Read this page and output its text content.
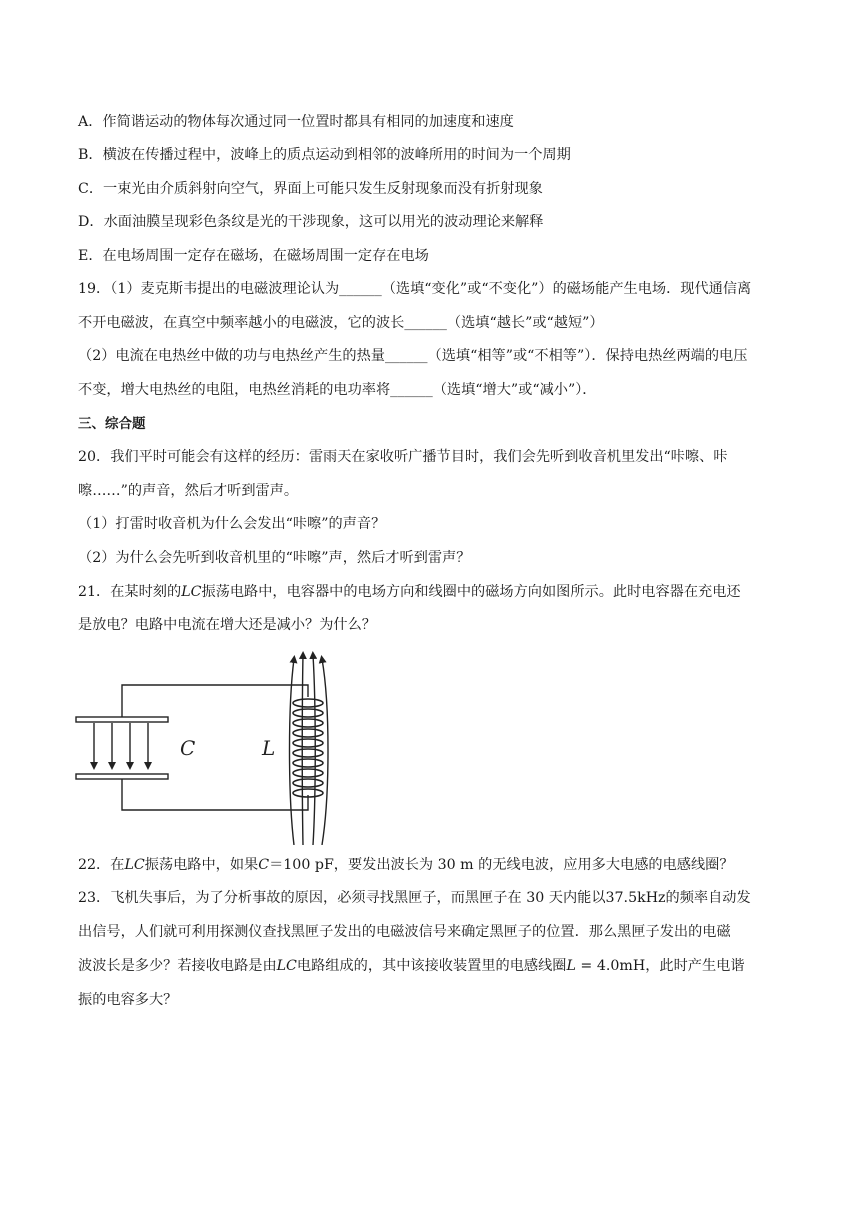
A．作简谐运动的物体每次通过同一位置时都具有相同的加速度和速度
B．横波在传播过程中，波峰上的质点运动到相邻的波峰所用的时间为一个周期
C．一束光由介质斜射向空气，界面上可能只发生反射现象而没有折射现象
D．水面油膜呈现彩色条纹是光的干涉现象，这可以用光的波动理论来解释
E．在电场周围一定存在磁场，在磁场周围一定存在电场
19．（1）麦克斯韦提出的电磁波理论认为______（选填“变化”或“不变化”）的磁场能产生电场．现代通信离
不开电磁波，在真空中频率越小的电磁波，它的波长______（选填“越长”或“越短”）
（2）电流在电热丝中做的功与电热丝产生的热量______（选填“相等”或“不相等”）．保持电热丝两端的电压
不变，增大电热丝的电阻，电热丝消耗的电功率将______（选填“增大”或“减小”）．
三、综合题
20．我们平时可能会有这样的经历：雷雨天在家收听广播节目时，我们会先听到收音机里发出“咔嚓、咔
嚓……”的声音，然后才听到雷声。
（1）打雷时收音机为什么会发出“咔嚓”的声音？
（2）为什么会先听到收音机里的“咔嚓”声，然后才听到雷声？
21．在某时刻的LC振荡电路中，电容器中的电场方向和线圈中的磁场方向如图所示。此时电容器在充电还
是放电？电路中电流在增大还是减小？为什么？
C	L
22．在LC振荡电路中，如果C＝100 pF，要发出波长为 30 m 的无线电波，应用多大电感的电感线圈？
23．飞机失事后，为了分析事故的原因，必须寻找黑匣子，而黑匣子在 30 天内能以37.5kHz的频率自动发
出信号，人们就可利用探测仪查找黑匣子发出的电磁波信号来确定黑匣子的位置．那么黑匣子发出的电磁
波波长是多少？若接收电路是由LC电路组成的，其中该接收装置里的电感线圈L = 4.0mH，此时产生电谐
振的电容多大？
